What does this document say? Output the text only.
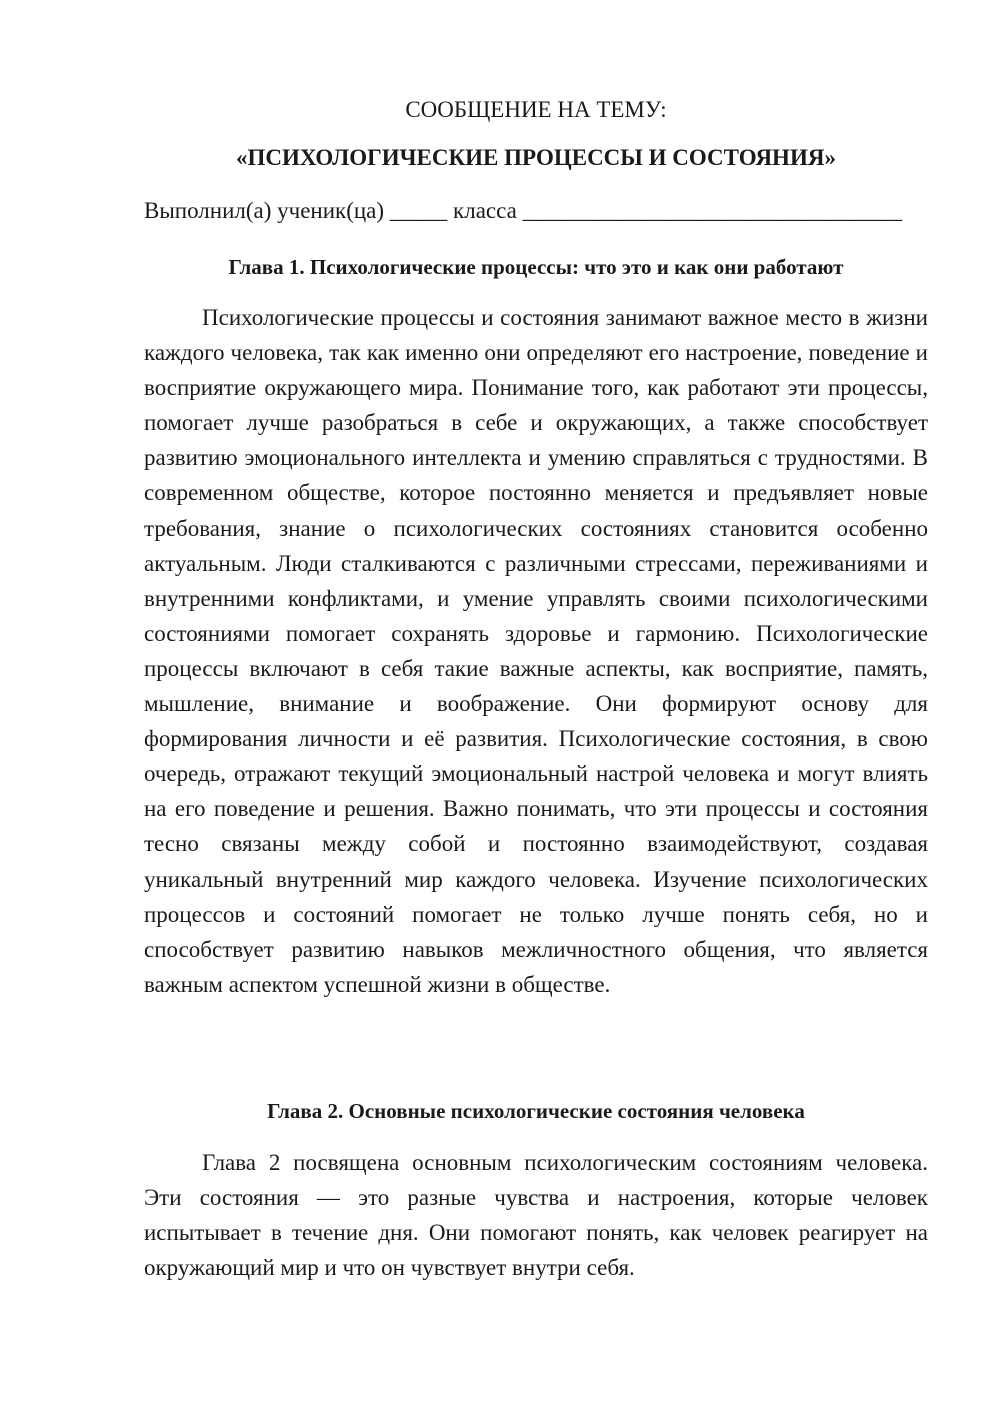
СООБЩЕНИЕ НА ТЕМУ:
«ПСИХОЛОГИЧЕСКИЕ ПРОЦЕССЫ И СОСТОЯНИЯ»
Выполнил(а) ученик(ца) _____ класса _________________________________
Глава 1. Психологические процессы: что это и как они работают

Психологические процессы и состояния занимают важное место в жизни каждого человека, так как именно они определяют его настроение, поведение и восприятие окружающего мира. Понимание того, как работают эти процессы, помогает лучше разобраться в себе и окружающих, а также способствует развитию эмоционального интеллекта и умению справляться с трудностями. В современном обществе, которое постоянно меняется и предъявляет новые требования, знание о психологических состояниях становится особенно актуальным. Люди сталкиваются с различными стрессами, переживаниями и внутренними конфликтами, и умение управлять своими психологическими состояниями помогает сохранять здоровье и гармонию. Психологические процессы включают в себя такие важные аспекты, как восприятие, память, мышление, внимание и воображение. Они формируют основу для формирования личности и её развития. Психологические состояния, в свою очередь, отражают текущий эмоциональный настрой человека и могут влиять на его поведение и решения. Важно понимать, что эти процессы и состояния тесно связаны между собой и постоянно взаимодействуют, создавая уникальный внутренний мир каждого человека. Изучение психологических процессов и состояний помогает не только лучше понять себя, но и способствует развитию навыков межличностного общения, что является важным аспектом успешной жизни в обществе.

Глава 2. Основные психологические состояния человека

Глава 2 посвящена основным психологическим состояниям человека. Эти состояния — это разные чувства и настроения, которые человек испытывает в течение дня. Они помогают понять, как человек реагирует на окружающий мир и что он чувствует внутри себя.
